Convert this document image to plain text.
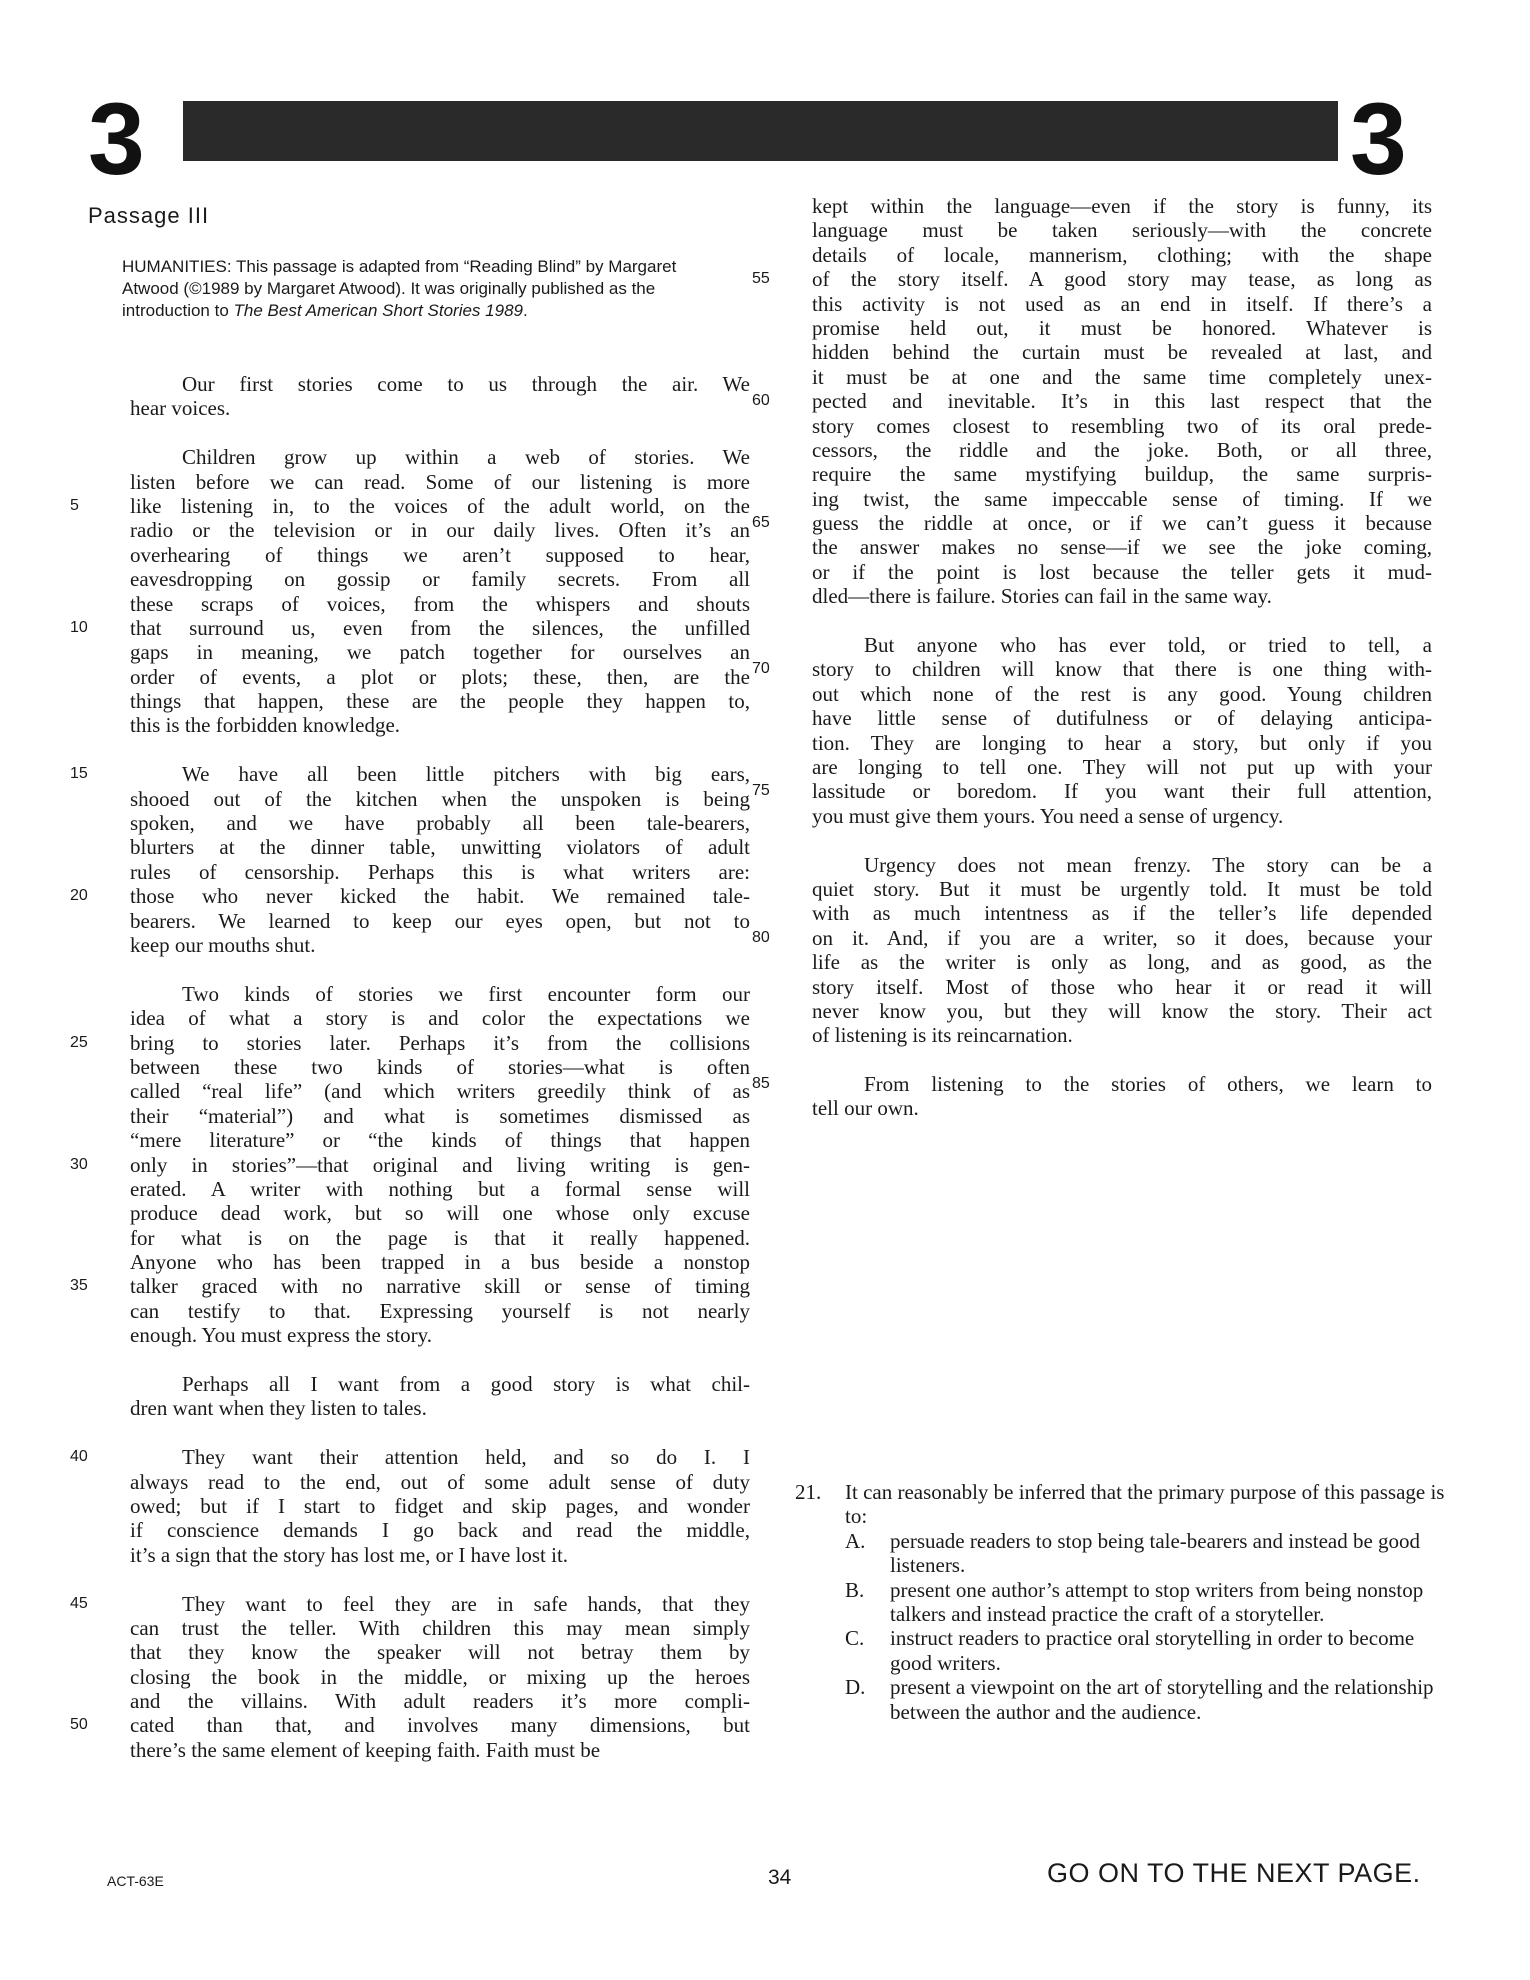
3	3
Passage III
HUMANITIES: This passage is adapted from “Reading Blind” by Margaret Atwood (©1989 by Margaret Atwood). It was originally published as the introduction to The Best American Short Stories 1989.
Our first stories come to us through the air. We
hear voices.
Children grow up within a web of stories. We
listen before we can read. Some of our listening is more
like listening in, to the voices of the adult world, on the
5
radio or the television or in our daily lives. Often it’s an
overhearing of things we aren’t supposed to hear,
eavesdropping on gossip or family secrets. From all
these scraps of voices, from the whispers and shouts
that surround us, even from the silences, the unfilled
10
gaps in meaning, we patch together for ourselves an
order of events, a plot or plots; these, then, are the
things that happen, these are the people they happen to,
this is the forbidden knowledge.
We have all been little pitchers with big ears,
15
shooed out of the kitchen when the unspoken is being
spoken, and we have probably all been tale-bearers,
blurters at the dinner table, unwitting violators of adult
rules of censorship. Perhaps this is what writers are:
those who never kicked the habit. We remained tale-
20
bearers. We learned to keep our eyes open, but not to
keep our mouths shut.
Two kinds of stories we first encounter form our
idea of what a story is and color the expectations we
bring to stories later. Perhaps it’s from the collisions
25
between these two kinds of stories—what is often
called “real life” (and which writers greedily think of as
their “material”) and what is sometimes dismissed as
“mere literature” or “the kinds of things that happen
only in stories”—that original and living writing is gen-
30
erated. A writer with nothing but a formal sense will
produce dead work, but so will one whose only excuse
for what is on the page is that it really happened.
Anyone who has been trapped in a bus beside a nonstop
talker graced with no narrative skill or sense of timing
35
can testify to that. Expressing yourself is not nearly
enough. You must express the story.
Perhaps all I want from a good story is what chil-
dren want when they listen to tales.
They want their attention held, and so do I. I
40
always read to the end, out of some adult sense of duty
owed; but if I start to fidget and skip pages, and wonder
if conscience demands I go back and read the middle,
it’s a sign that the story has lost me, or I have lost it.
They want to feel they are in safe hands, that they
45
can trust the teller. With children this may mean simply
that they know the speaker will not betray them by
closing the book in the middle, or mixing up the heroes
and the villains. With adult readers it’s more compli-
cated than that, and involves many dimensions, but
50
there’s the same element of keeping faith. Faith must be
kept within the language—even if the story is funny, its
language must be taken seriously—with the concrete
details of locale, mannerism, clothing; with the shape
of the story itself. A good story may tease, as long as
55
this activity is not used as an end in itself. If there’s a
promise held out, it must be honored. Whatever is
hidden behind the curtain must be revealed at last, and
it must be at one and the same time completely unex-
pected and inevitable. It’s in this last respect that the
60
story comes closest to resembling two of its oral prede-
cessors, the riddle and the joke. Both, or all three,
require the same mystifying buildup, the same surpris-
ing twist, the same impeccable sense of timing. If we
guess the riddle at once, or if we can’t guess it because
65
the answer makes no sense—if we see the joke coming,
or if the point is lost because the teller gets it mud-
dled—there is failure. Stories can fail in the same way.
But anyone who has ever told, or tried to tell, a
story to children will know that there is one thing with-
70
out which none of the rest is any good. Young children
have little sense of dutifulness or of delaying anticipa-
tion. They are longing to hear a story, but only if you
are longing to tell one. They will not put up with your
lassitude or boredom. If you want their full attention,
75
you must give them yours. You need a sense of urgency.
Urgency does not mean frenzy. The story can be a
quiet story. But it must be urgently told. It must be told
with as much intentness as if the teller’s life depended
on it. And, if you are a writer, so it does, because your
80
life as the writer is only as long, and as good, as the
story itself. Most of those who hear it or read it will
never know you, but they will know the story. Their act
of listening is its reincarnation.
From listening to the stories of others, we learn to
85
tell our own.
21. It can reasonably be inferred that the primary purpose of this passage is to:
A. persuade readers to stop being tale-bearers and instead be good listeners.
B. present one author’s attempt to stop writers from being nonstop talkers and instead practice the craft of a storyteller.
C. instruct readers to practice oral storytelling in order to become good writers.
D. present a viewpoint on the art of storytelling and the relationship between the author and the audience.
ACT-63E	34	GO ON TO THE NEXT PAGE.
